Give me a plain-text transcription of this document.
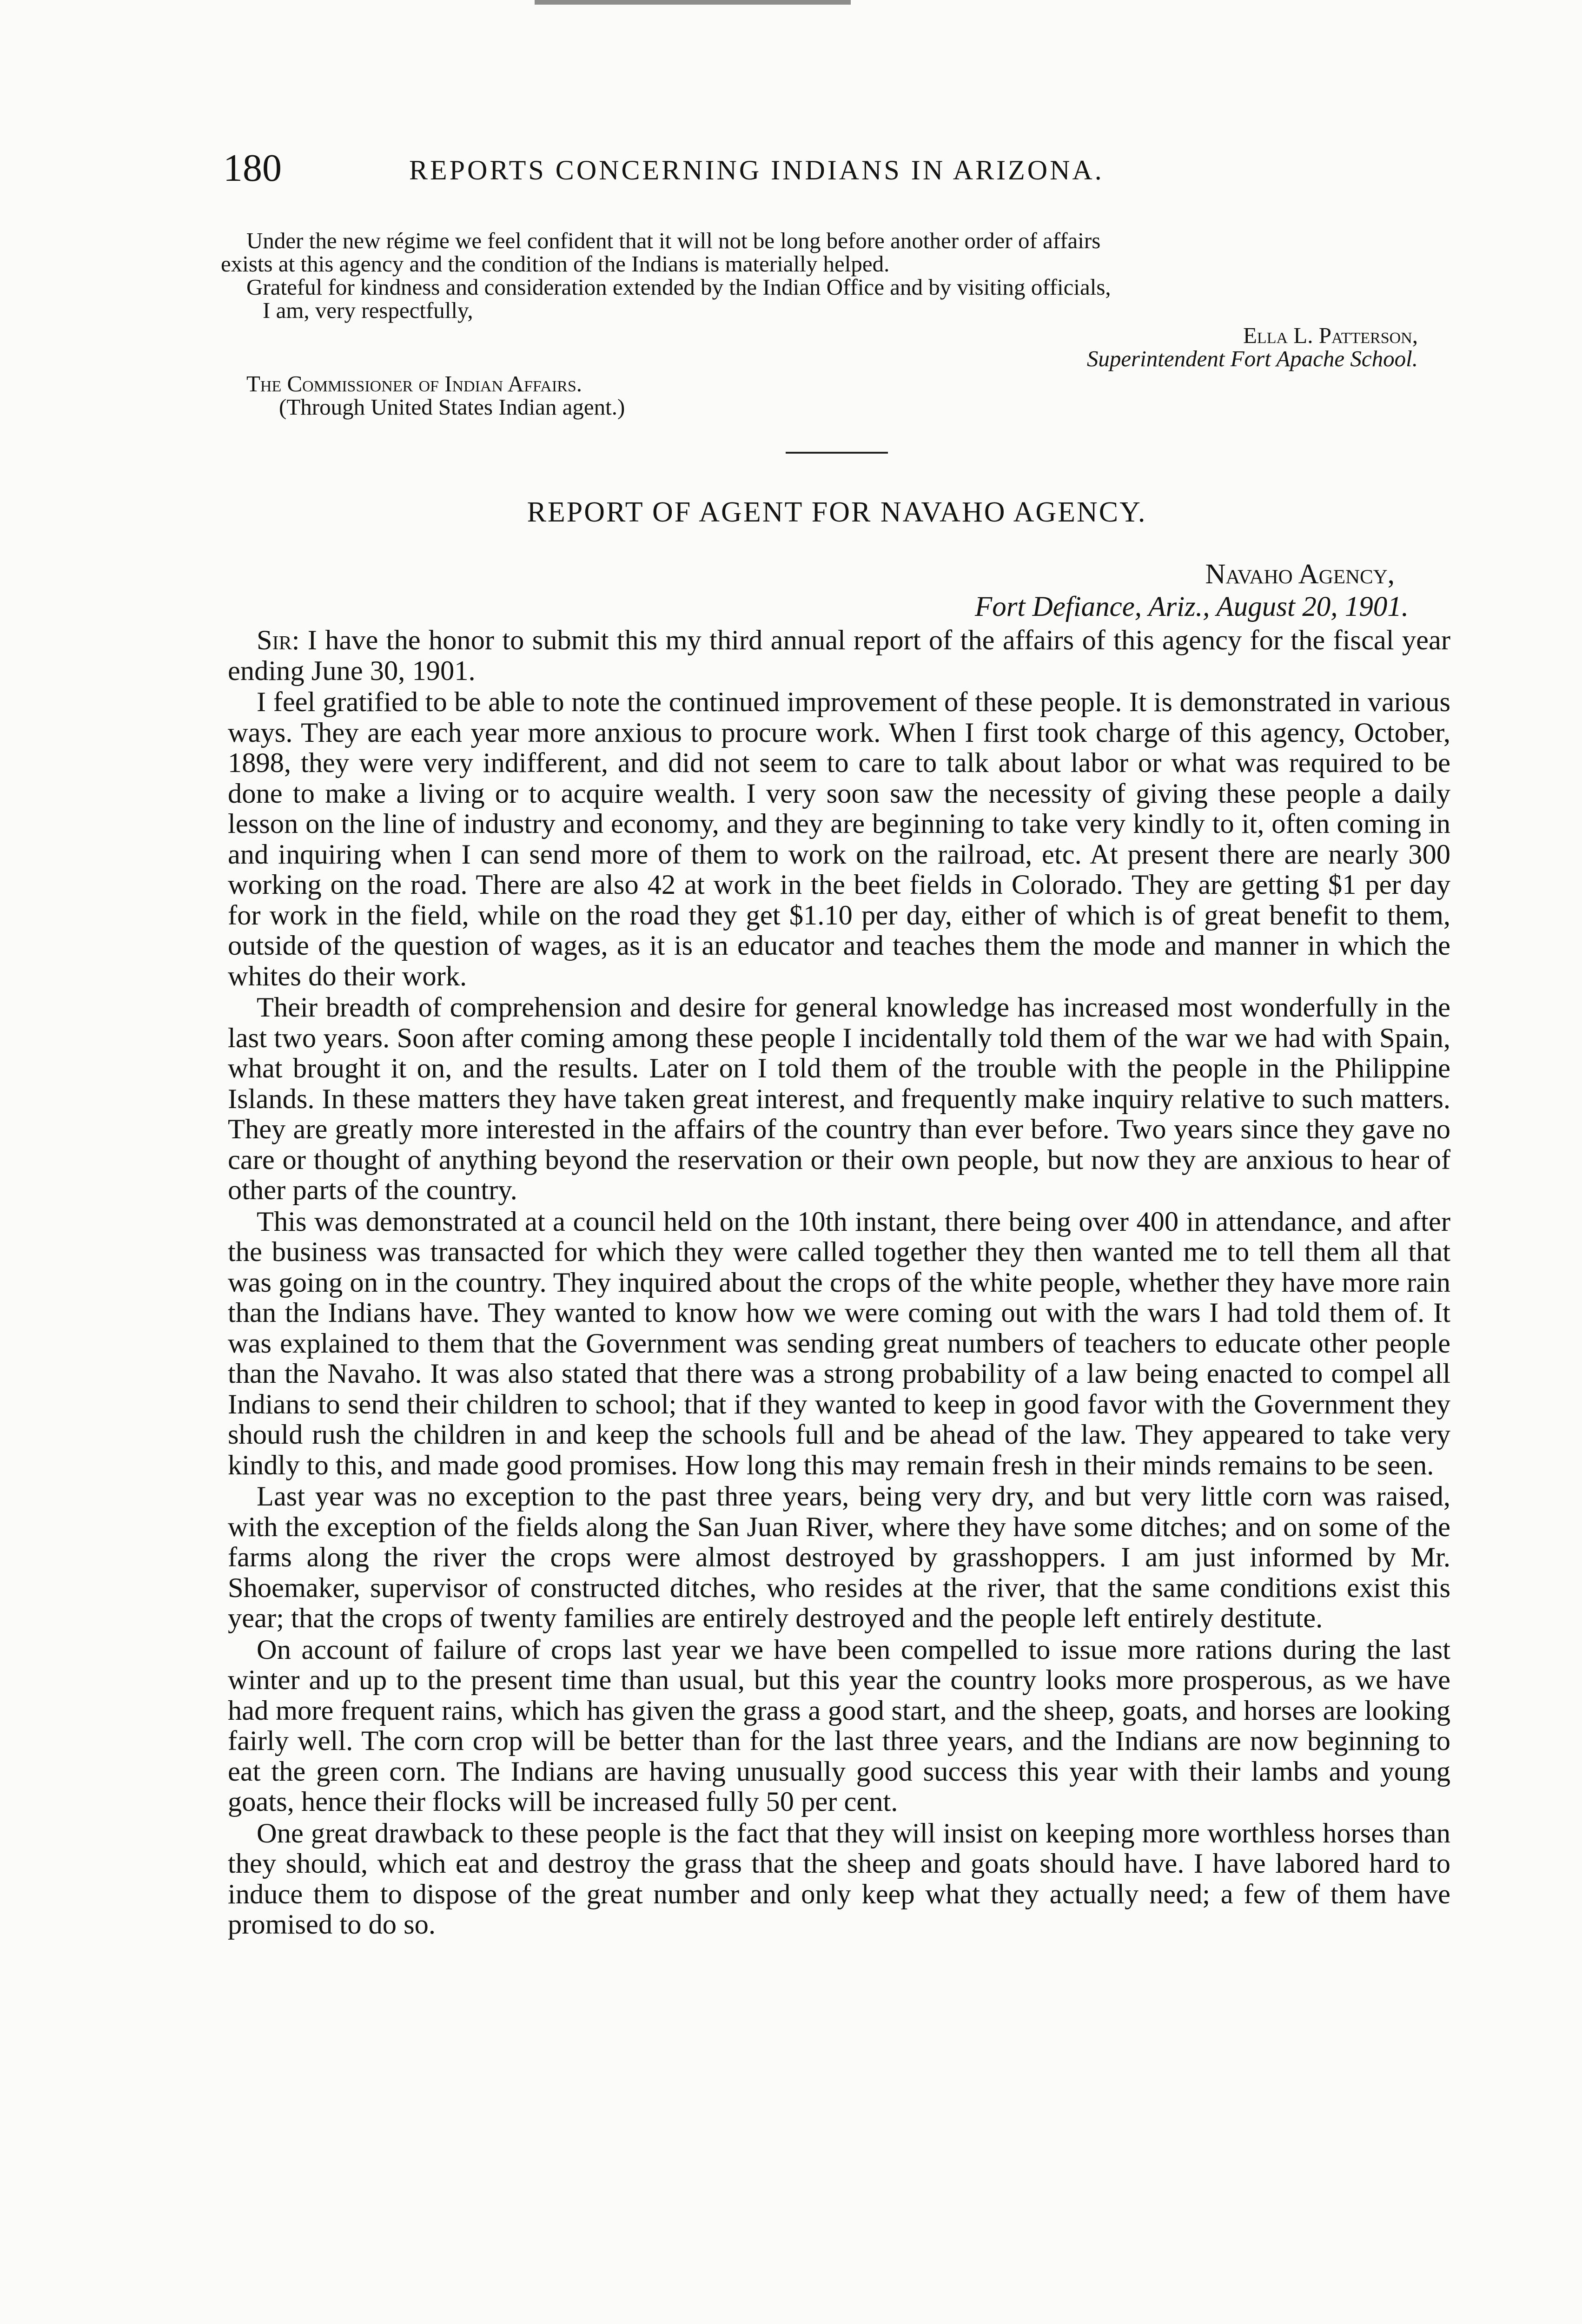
180	REPORTS CONCERNING INDIANS IN ARIZONA.
Under the new régime we feel confident that it will not be long before another order of affairs
exists at this agency and the condition of the Indians is materially helped.
Grateful for kindness and consideration extended by the Indian Office and by visiting officials,
I am, very respectfully,
Ella L. Patterson,
Superintendent Fort Apache School.
The Commissioner of Indian Affairs.
(Through United States Indian agent.)
REPORT OF AGENT FOR NAVAHO AGENCY.
Navaho Agency,
Fort Defiance, Ariz., August 20, 1901.

Sir: I have the honor to submit this my third annual report of the affairs of this agency for the fiscal year ending June 30, 1901.

I feel gratified to be able to note the continued improvement of these people. It is demonstrated in various ways. They are each year more anxious to procure work. When I first took charge of this agency, October, 1898, they were very indifferent, and did not seem to care to talk about labor or what was required to be done to make a living or to acquire wealth. I very soon saw the necessity of giving these people a daily lesson on the line of industry and economy, and they are beginning to take very kindly to it, often coming in and inquiring when I can send more of them to work on the railroad, etc. At present there are nearly 300 working on the road. There are also 42 at work in the beet fields in Colorado. They are getting $1 per day for work in the field, while on the road they get $1.10 per day, either of which is of great benefit to them, outside of the question of wages, as it is an educator and teaches them the mode and manner in which the whites do their work.

Their breadth of comprehension and desire for general knowledge has increased most wonderfully in the last two years. Soon after coming among these people I incidentally told them of the war we had with Spain, what brought it on, and the results. Later on I told them of the trouble with the people in the Philippine Islands. In these matters they have taken great interest, and frequently make inquiry relative to such matters. They are greatly more interested in the affairs of the country than ever before. Two years since they gave no care or thought of anything beyond the reservation or their own people, but now they are anxious to hear of other parts of the country.

This was demonstrated at a council held on the 10th instant, there being over 400 in attendance, and after the business was transacted for which they were called together they then wanted me to tell them all that was going on in the country. They inquired about the crops of the white people, whether they have more rain than the Indians have. They wanted to know how we were coming out with the wars I had told them of. It was explained to them that the Government was sending great numbers of teachers to educate other people than the Navaho. It was also stated that there was a strong probability of a law being enacted to compel all Indians to send their children to school; that if they wanted to keep in good favor with the Government they should rush the children in and keep the schools full and be ahead of the law. They appeared to take very kindly to this, and made good promises. How long this may remain fresh in their minds remains to be seen.

Last year was no exception to the past three years, being very dry, and but very little corn was raised, with the exception of the fields along the San Juan River, where they have some ditches; and on some of the farms along the river the crops were almost destroyed by grasshoppers. I am just informed by Mr. Shoemaker, supervisor of constructed ditches, who resides at the river, that the same conditions exist this year; that the crops of twenty families are entirely destroyed and the people left entirely destitute.

On account of failure of crops last year we have been compelled to issue more rations during the last winter and up to the present time than usual, but this year the country looks more prosperous, as we have had more frequent rains, which has given the grass a good start, and the sheep, goats, and horses are looking fairly well. The corn crop will be better than for the last three years, and the Indians are now beginning to eat the green corn. The Indians are having unusually good success this year with their lambs and young goats, hence their flocks will be increased fully 50 per cent.

One great drawback to these people is the fact that they will insist on keeping more worthless horses than they should, which eat and destroy the grass that the sheep and goats should have. I have labored hard to induce them to dispose of the great number and only keep what they actually need; a few of them have promised to do so.
